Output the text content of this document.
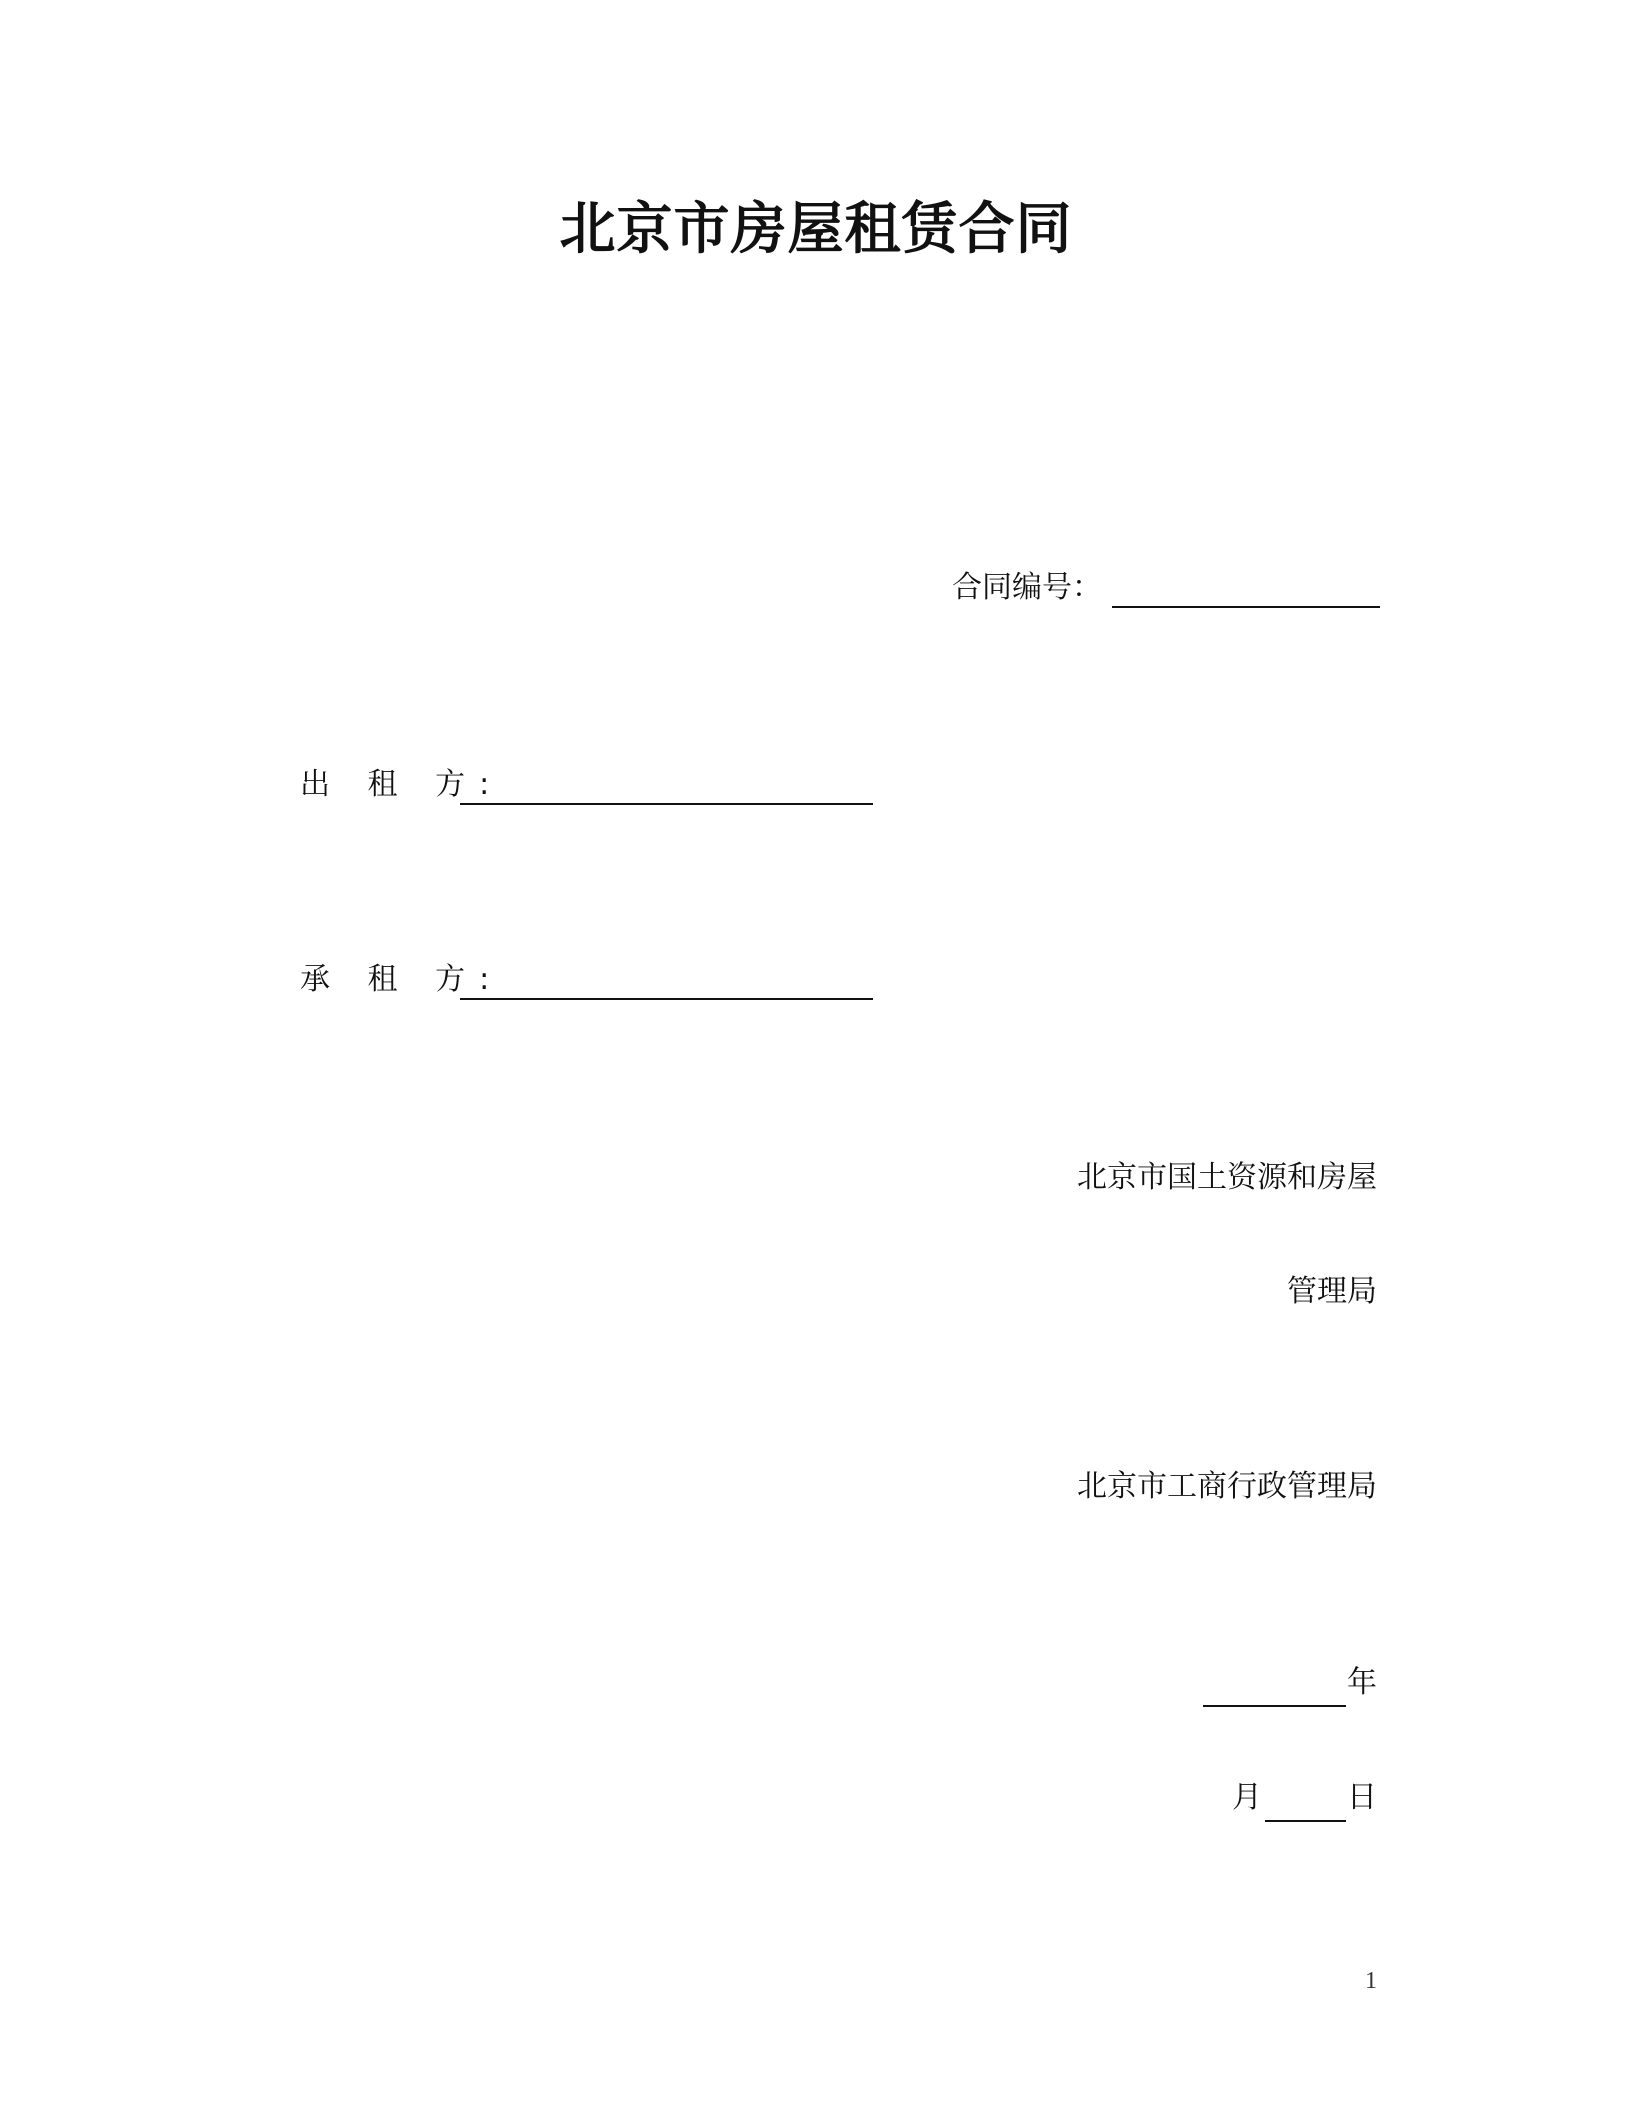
北京市房屋租赁合同
合同编号：
出 租 方:
承 租 方:
北京市国土资源和房屋
管理局
北京市工商行政管理局
年
月	日
1
